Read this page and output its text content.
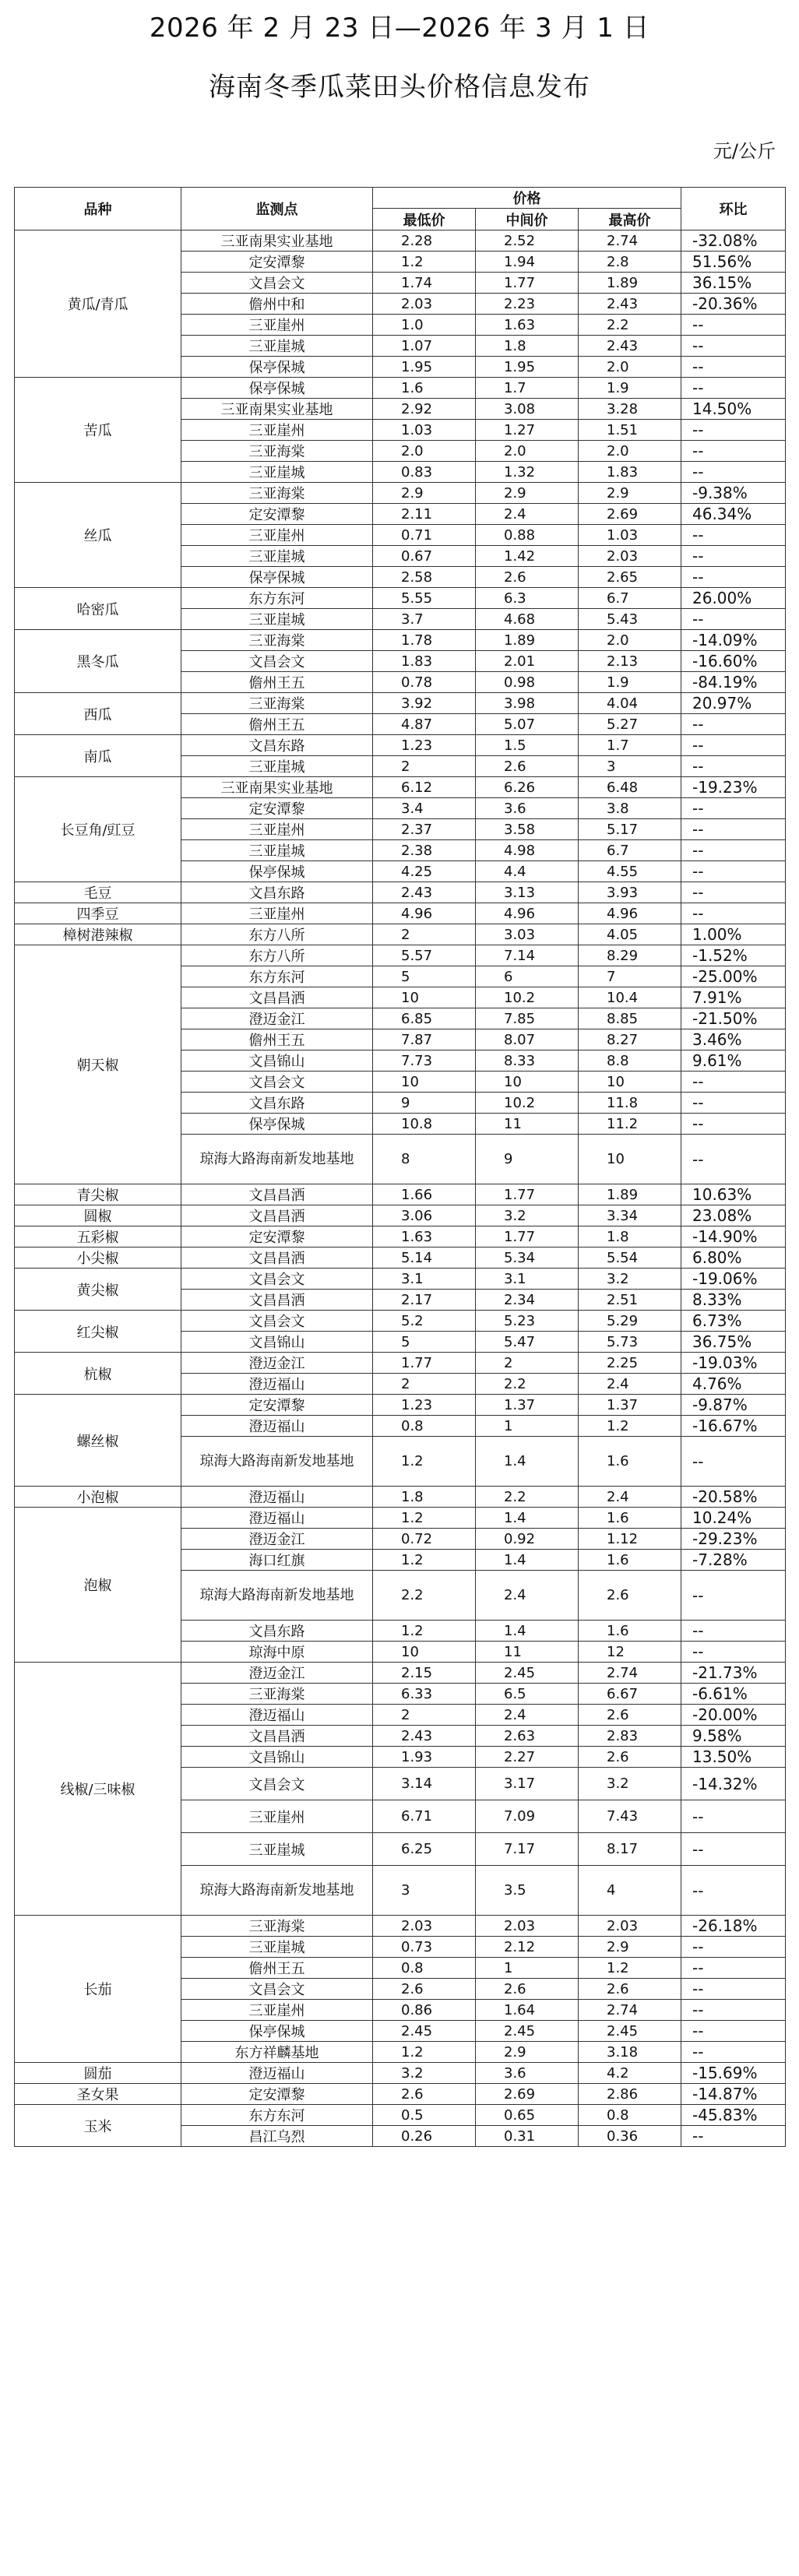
2026 年 2 月 23 日—2026 年 3 月 1 日
海南冬季瓜菜田头价格信息发布
元/公斤
品种	监测点	价格			环比
		最低价	中间价	最高价	
黄瓜/青瓜	三亚南果实业基地	2.28	2.52	2.74	-32.08%
	定安潭黎	1.2	1.94	2.8	51.56%
	文昌会文	1.74	1.77	1.89	36.15%
	儋州中和	2.03	2.23	2.43	-20.36%
	三亚崖州	1.0	1.63	2.2	--
	三亚崖城	1.07	1.8	2.43	--
	保亭保城	1.95	1.95	2.0	--
苦瓜	保亭保城	1.6	1.7	1.9	--
	三亚南果实业基地	2.92	3.08	3.28	14.50%
	三亚崖州	1.03	1.27	1.51	--
	三亚海棠	2.0	2.0	2.0	--
	三亚崖城	0.83	1.32	1.83	--
丝瓜	三亚海棠	2.9	2.9	2.9	-9.38%
	定安潭黎	2.11	2.4	2.69	46.34%
	三亚崖州	0.71	0.88	1.03	--
	三亚崖城	0.67	1.42	2.03	--
	保亭保城	2.58	2.6	2.65	--
哈密瓜	东方东河	5.55	6.3	6.7	26.00%
	三亚崖城	3.7	4.68	5.43	--
黑冬瓜	三亚海棠	1.78	1.89	2.0	-14.09%
	文昌会文	1.83	2.01	2.13	-16.60%
	儋州王五	0.78	0.98	1.9	-84.19%
西瓜	三亚海棠	3.92	3.98	4.04	20.97%
	儋州王五	4.87	5.07	5.27	--
南瓜	文昌东路	1.23	1.5	1.7	--
	三亚崖城	2	2.6	3	--
长豆角/豇豆	三亚南果实业基地	6.12	6.26	6.48	-19.23%
	定安潭黎	3.4	3.6	3.8	--
	三亚崖州	2.37	3.58	5.17	--
	三亚崖城	2.38	4.98	6.7	--
	保亭保城	4.25	4.4	4.55	--
毛豆	文昌东路	2.43	3.13	3.93	--
四季豆	三亚崖州	4.96	4.96	4.96	--
樟树港辣椒	东方八所	2	3.03	4.05	1.00%
朝天椒	东方八所	5.57	7.14	8.29	-1.52%
	东方东河	5	6	7	-25.00%
	文昌昌洒	10	10.2	10.4	7.91%
	澄迈金江	6.85	7.85	8.85	-21.50%
	儋州王五	7.87	8.07	8.27	3.46%
	文昌锦山	7.73	8.33	8.8	9.61%
	文昌会文	10	10	10	--
	文昌东路	9	10.2	11.8	--
	保亭保城	10.8	11	11.2	--
	琼海大路海南新发地基地	8	9	10	--
青尖椒	文昌昌洒	1.66	1.77	1.89	10.63%
圆椒	文昌昌洒	3.06	3.2	3.34	23.08%
五彩椒	定安潭黎	1.63	1.77	1.8	-14.90%
小尖椒	文昌昌洒	5.14	5.34	5.54	6.80%
黄尖椒	文昌会文	3.1	3.1	3.2	-19.06%
	文昌昌洒	2.17	2.34	2.51	8.33%
红尖椒	文昌会文	5.2	5.23	5.29	6.73%
	文昌锦山	5	5.47	5.73	36.75%
杭椒	澄迈金江	1.77	2	2.25	-19.03%
	澄迈福山	2	2.2	2.4	4.76%
螺丝椒	定安潭黎	1.23	1.37	1.37	-9.87%
	澄迈福山	0.8	1	1.2	-16.67%
	琼海大路海南新发地基地	1.2	1.4	1.6	--
小泡椒	澄迈福山	1.8	2.2	2.4	-20.58%
泡椒	澄迈福山	1.2	1.4	1.6	10.24%
	澄迈金江	0.72	0.92	1.12	-29.23%
	海口红旗	1.2	1.4	1.6	-7.28%
	琼海大路海南新发地基地	2.2	2.4	2.6	--
	文昌东路	1.2	1.4	1.6	--
	琼海中原	10	11	12	--
线椒/三味椒	澄迈金江	2.15	2.45	2.74	-21.73%
	三亚海棠	6.33	6.5	6.67	-6.61%
	澄迈福山	2	2.4	2.6	-20.00%
	文昌昌洒	2.43	2.63	2.83	9.58%
	文昌锦山	1.93	2.27	2.6	13.50%
	文昌会文	3.14	3.17	3.2	-14.32%
	三亚崖州	6.71	7.09	7.43	--
	三亚崖城	6.25	7.17	8.17	--
	琼海大路海南新发地基地	3	3.5	4	--
长茄	三亚海棠	2.03	2.03	2.03	-26.18%
	三亚崖城	0.73	2.12	2.9	--
	儋州王五	0.8	1	1.2	--
	文昌会文	2.6	2.6	2.6	--
	三亚崖州	0.86	1.64	2.74	--
	保亭保城	2.45	2.45	2.45	--
	东方祥麟基地	1.2	2.9	3.18	--
圆茄	澄迈福山	3.2	3.6	4.2	-15.69%
圣女果	定安潭黎	2.6	2.69	2.86	-14.87%
玉米	东方东河	0.5	0.65	0.8	-45.83%
	昌江乌烈	0.26	0.31	0.36	--
